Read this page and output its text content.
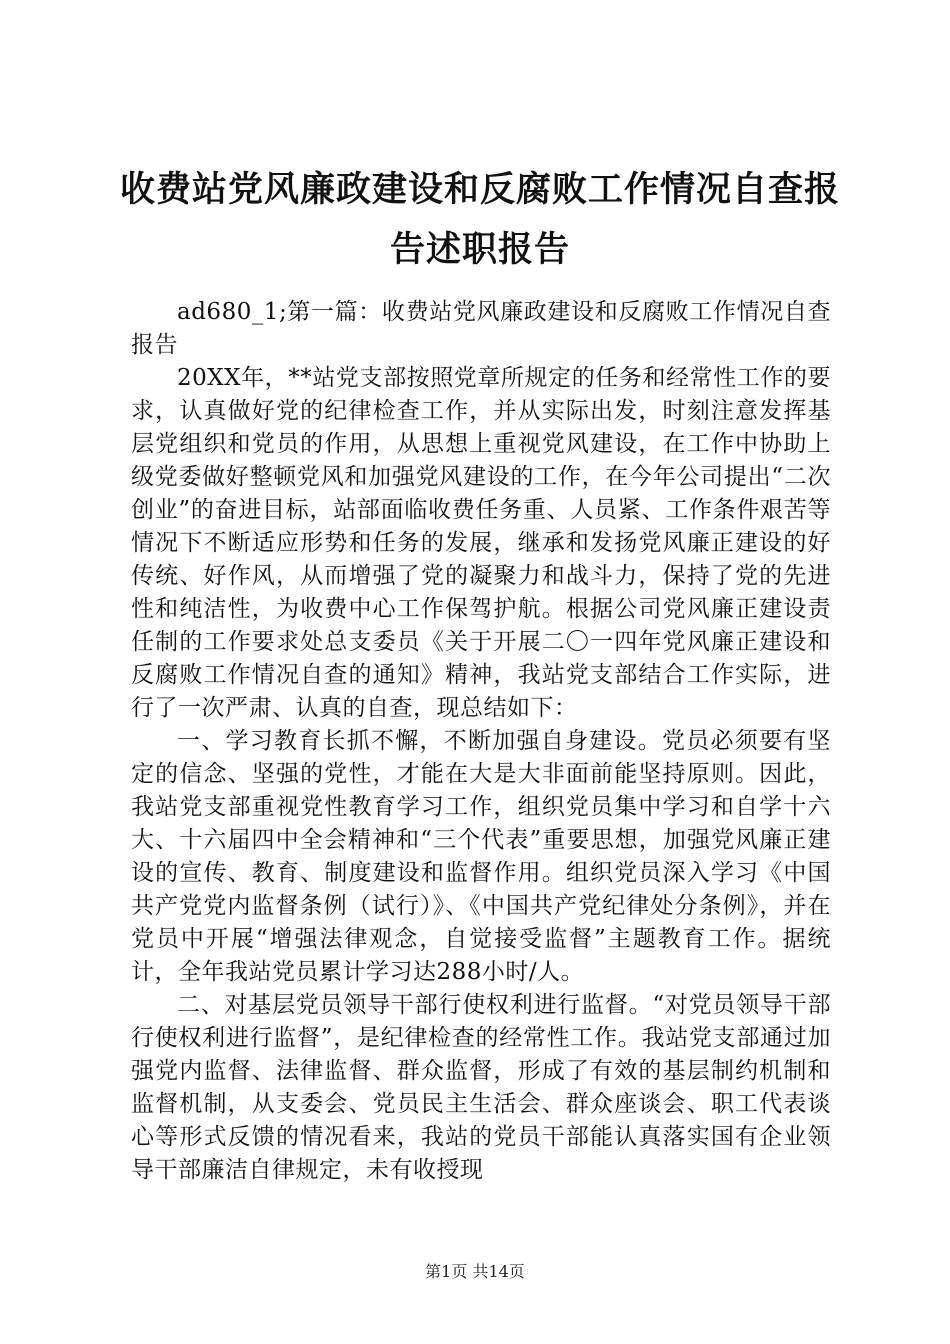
收费站党风廉政建设和反腐败工作情况自查报告述职报告

ad680_1;第一篇：收费站党风廉政建设和反腐败工作情况自查报告

20XX年，**站党支部按照党章所规定的任务和经常性工作的要求，认真做好党的纪律检查工作，并从实际出发，时刻注意发挥基层党组织和党员的作用，从思想上重视党风建设，在工作中协助上级党委做好整顿党风和加强党风建设的工作，在今年公司提出“二次创业”的奋进目标，站部面临收费任务重、人员紧、工作条件艰苦等情况下不断适应形势和任务的发展，继承和发扬党风廉正建设的好传统、好作风，从而增强了党的凝聚力和战斗力，保持了党的先进性和纯洁性，为收费中心工作保驾护航。根据公司党风廉正建设责任制的工作要求处总支委员《关于开展二〇一四年党风廉正建设和反腐败工作情况自查的通知》精神，我站党支部结合工作实际，进行了一次严肃、认真的自查，现总结如下：

一、学习教育长抓不懈，不断加强自身建设。党员必须要有坚定的信念、坚强的党性，才能在大是大非面前能坚持原则。因此，我站党支部重视党性教育学习工作，组织党员集中学习和自学十六大、十六届四中全会精神和“三个代表”重要思想，加强党风廉正建设的宣传、教育、制度建设和监督作用。组织党员深入学习《中国共产党党内监督条例（试行）》、《中国共产党纪律处分条例》，并在党员中开展“增强法律观念，自觉接受监督”主题教育工作。据统计，全年我站党员累计学习达288小时/人。

二、对基层党员领导干部行使权利进行监督。“对党员领导干部行使权利进行监督”，是纪律检查的经常性工作。我站党支部通过加强党内监督、法律监督、群众监督，形成了有效的基层制约机制和监督机制，从支委会、党员民主生活会、群众座谈会、职工代表谈心等形式反馈的情况看来，我站的党员干部能认真落实国有企业领导干部廉洁自律规定，未有收授现

第1页 共14页
